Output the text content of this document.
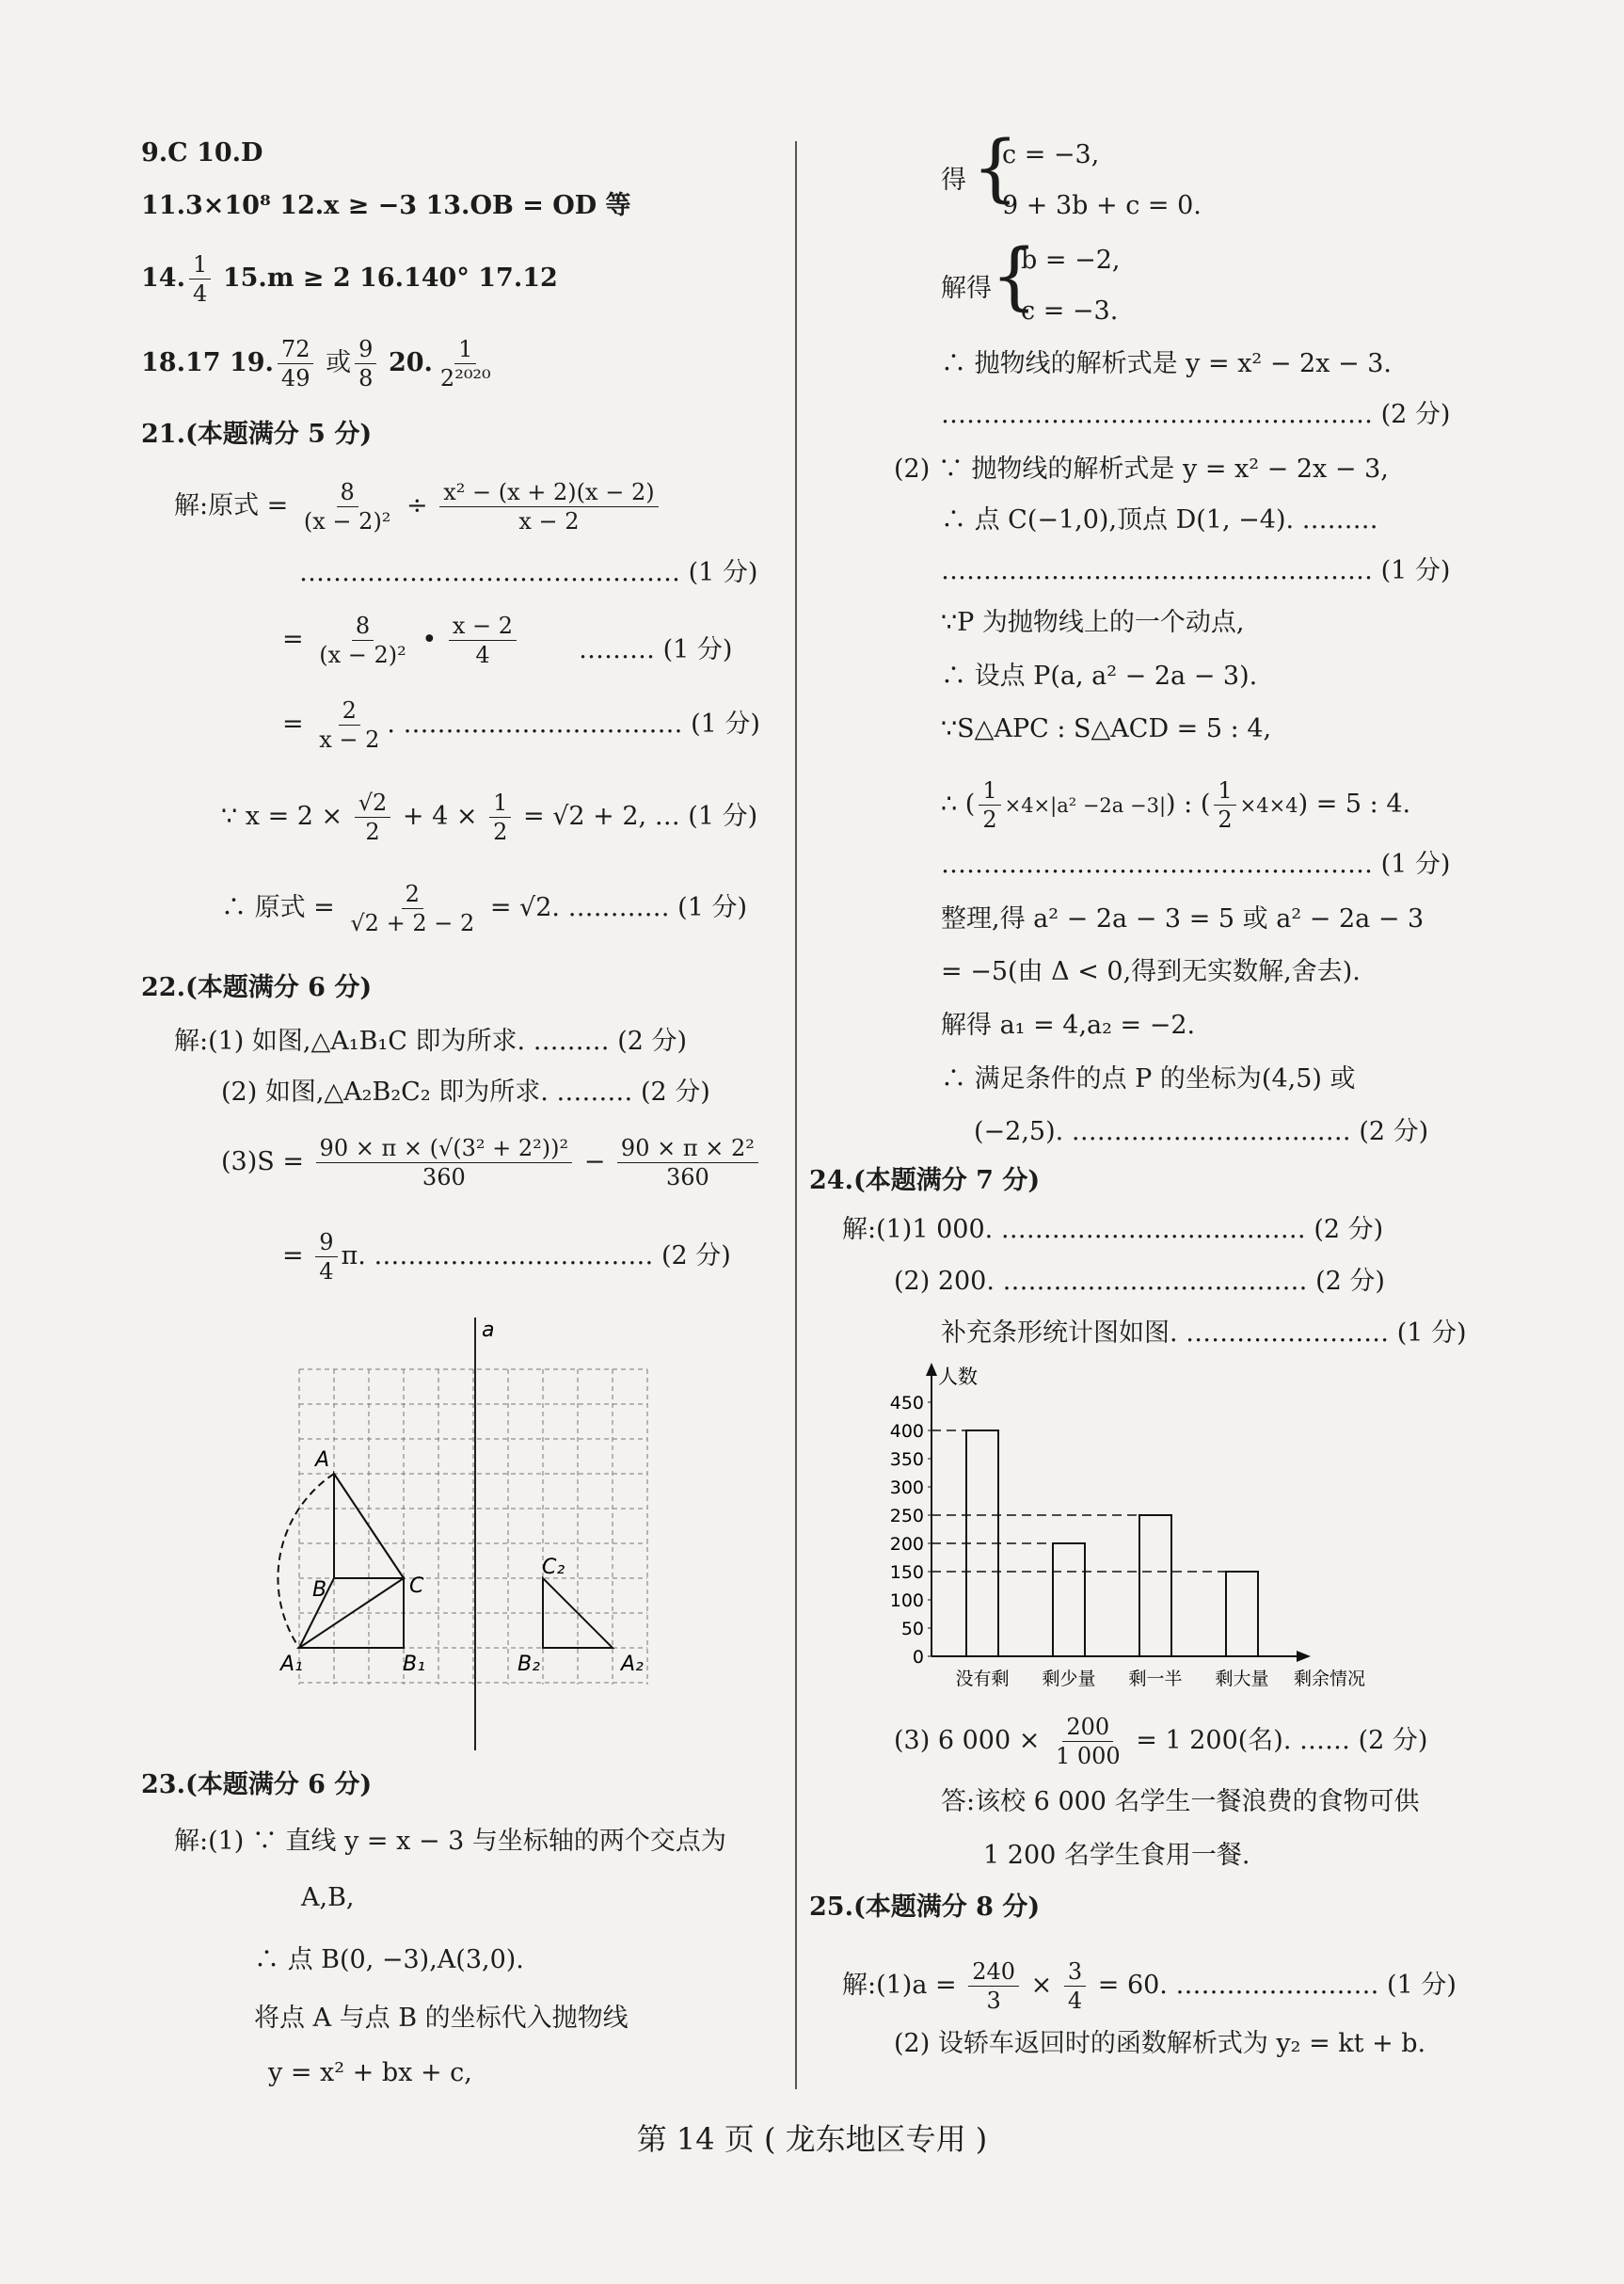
9.C 10.D
11.3×10⁸ 12.x ≥ −3 13.OB = OD 等
14. $\frac{1}{4} 15.m \ge 2$ 16.140° 17.12
18.17 19. $\frac{72}{49}$ 或 $\frac{9}{8} 20$. $\frac{1}{\text{2²⁰²⁰}}$
21.(本题满分 5 分)
解:原式 = $\frac{8}{\text{(x − 2)²}} \div \frac{\text{x² − (x + 2)(x − 2)}}{x - 2}$
……………………………………… (1 分)
= $\frac{8}{\text{(x − 2)²}}$ • $\frac{x - 2}{4}$ ……… (1 分)
= $\frac{2}{x - 2}$ . …………………………… (1 分)
∵ $x = 2 \times \frac{√2}{2} + 4 \times \frac{1}{2} = √2 + 2$, … (1 分)
∴ 原式 = $\frac{2}{√2 + 2 - 2} = √2$. ………… (1 分)
22.(本题满分 6 分)
解:(1) 如图,△A₁B₁C 即为所求. ……… (2 分)
(2) 如图,△A₂B₂C₂ 即为所求. ……… (2 分)
$(3)S = \frac{\text{90 × π × (√(3² + 2²))²}}{360} - \frac{\text{90 × π × 2²}}{360}$
= $\frac{9}{4} \pi$. …………………………… (2 分)
a
A
B	C
A₁	B₁
C₂
B₂	A₂
23.(本题满分 6 分)
解:(1) ∵ 直线 y = x − 3 与坐标轴的两个交点为
A,B,
∴ 点 B(0, −3),A(3,0).
将点 A 与点 B 的坐标代入抛物线
y = x² + bx + c,
得 {
c = −3,
9 + 3b + c = 0.
解得 {
b = −2,
c = −3.
∴ 抛物线的解析式是 y = x² − 2x − 3.
…………………………………………… (2 分)
(2) ∵ 抛物线的解析式是 y = x² − 2x − 3,
∴ 点 C(−1,0),顶点 D(1, −4). ………
…………………………………………… (1 分)
∵P 为抛物线上的一个动点,
∴ 设点 P(a, a² − 2a − 3).
∵S△APC : S△ACD = 5 : 4,
∴ ( $\frac{1}{2} \times 4\times|a^2 -2a -3|$) : ( $\frac{1}{2} \times 4\times 4) = 5$ : 4.
…………………………………………… (1 分)
整理,得 a² − 2a − 3 = 5 或 a² − 2a − 3
= −5(由 Δ < 0,得到无实数解,舍去).
解得 a₁ = 4,a₂ = −2.
∴ 满足条件的点 P 的坐标为(4,5) 或
(−2,5). …………………………… (2 分)
24.(本题满分 7 分)
解:(1)1 000. ……………………………… (2 分)
(2) 200. ……………………………… (2 分)
补充条形统计图如图. …………………… (1 分)
人数
剩余情况
0
50
100
150
200
250
300
350
400
450
没有剩 剩少量 剩一半 剩大量
(3) 6 $000 \times \frac{200}{1 000} = 1$ 200(名). …… (2 分)
答:该校 6 000 名学生一餐浪费的食物可供
1 200 名学生食用一餐.
25.(本题满分 8 分)
解:(1)a = $\frac{240}{3} \times \frac{3}{4} = 60$. …………………… (1 分)
(2) 设轿车返回时的函数解析式为 y₂ = kt + b.
第 14 页 ( 龙东地区专用 )
